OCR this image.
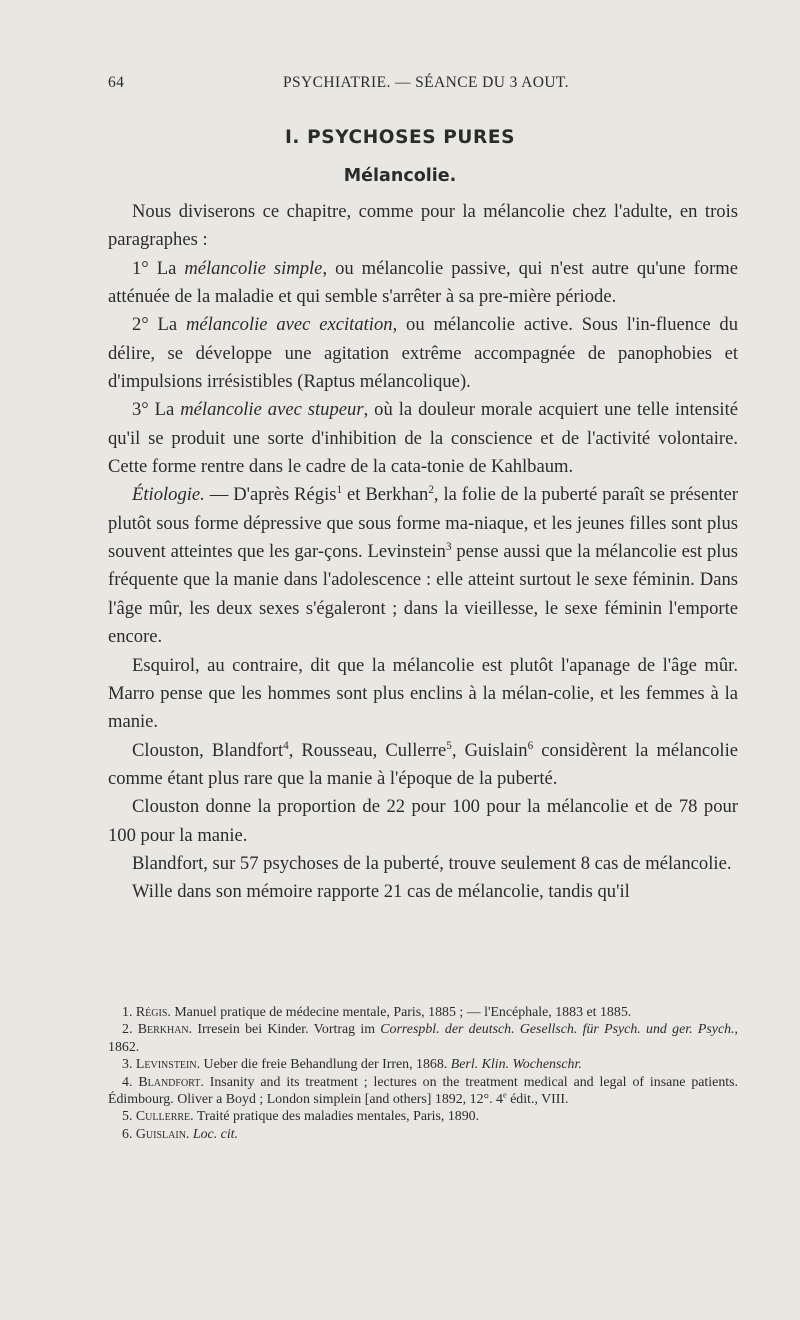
64	PSYCHIATRIE. — SÉANCE DU 3 AOUT.
I. PSYCHOSES PURES
Mélancolie.

Nous diviserons ce chapitre, comme pour la mélancolie chez l'adulte, en trois paragraphes :

1° La mélancolie simple, ou mélancolie passive, qui n'est autre qu'une forme atténuée de la maladie et qui semble s'arrêter à sa pre-mière période.

2° La mélancolie avec excitation, ou mélancolie active. Sous l'in-fluence du délire, se développe une agitation extrême accompagnée de panophobies et d'impulsions irrésistibles (Raptus mélancolique).

3° La mélancolie avec stupeur, où la douleur morale acquiert une telle intensité qu'il se produit une sorte d'inhibition de la conscience et de l'activité volontaire. Cette forme rentre dans le cadre de la cata-tonie de Kahlbaum.

Étiologie. — D'après Régis$^1$ et Berkhan$^2$, la folie de la puberté paraît se présenter plutôt sous forme dépressive que sous forme ma-niaque, et les jeunes filles sont plus souvent atteintes que les gar-çons. Levinstein$^3$ pense aussi que la mélancolie est plus fréquente que la manie dans l'adolescence : elle atteint surtout le sexe féminin. Dans l'âge mûr, les deux sexes s'égaleront ; dans la vieillesse, le sexe féminin l'emporte encore.

Esquirol, au contraire, dit que la mélancolie est plutôt l'apanage de l'âge mûr. Marro pense que les hommes sont plus enclins à la mélan-colie, et les femmes à la manie.

Clouston, Blandfort$^4$, Rousseau, Cullerre$^5$, Guislain$^6$ considèrent la mélancolie comme étant plus rare que la manie à l'époque de la puberté.

Clouston donne la proportion de 22 pour 100 pour la mélancolie et de 78 pour 100 pour la manie.

Blandfort, sur 57 psychoses de la puberté, trouve seulement 8 cas de mélancolie.

Wille dans son mémoire rapporte 21 cas de mélancolie, tandis qu'il

1. Régis. Manuel pratique de médecine mentale, Paris, 1885 ; — l'Encéphale, 1883 et 1885.

2. Berkhan. Irresein bei Kinder. Vortrag im Correspbl. der deutsch. Gesellsch. für Psych. und ger. Psych., 1862.

3. Levinstein. Ueber die freie Behandlung der Irren, 1868. Berl. Klin. Wochenschr.

4. Blandfort. Insanity and its treatment ; lectures on the treatment medical and legal of insane patients. Édimbourg. Oliver a Boyd ; London simplein [and others] 1892, 12°. 4e édit., VIII.

5. Cullerre. Traité pratique des maladies mentales, Paris, 1890.

6. Guislain. Loc. cit.
